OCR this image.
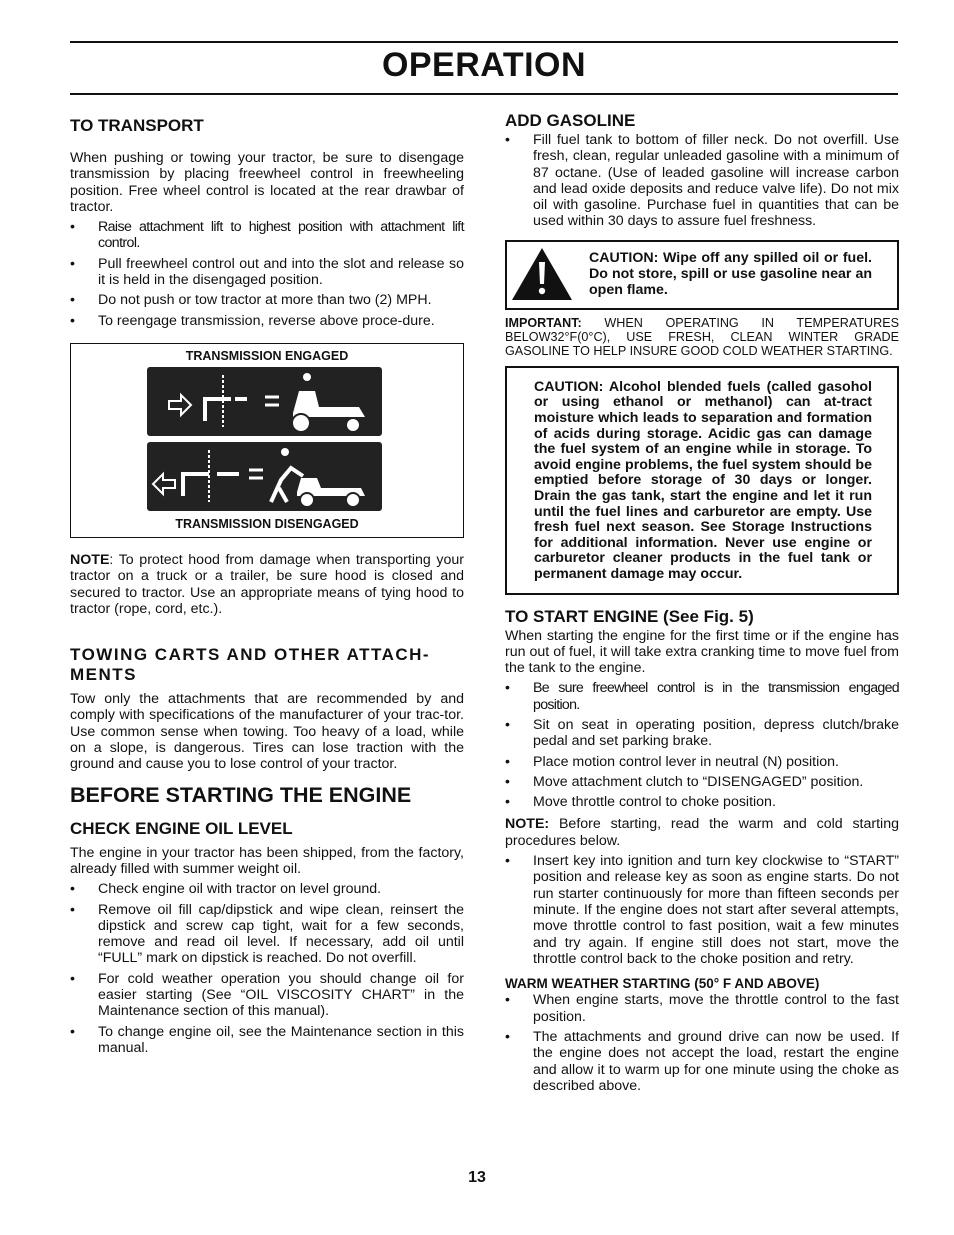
OPERATION
TO TRANSPORT

When pushing or towing your tractor, be sure to disengage transmission by placing freewheel control in freewheeling position. Free wheel control is located at the rear drawbar of tractor.

• Raise attachment lift to highest position with attachment lift control.
• Pull freewheel control out and into the slot and release so it is held in the disengaged position.
• Do not push or tow tractor at more than two (2) MPH.
• To reengage transmission, reverse above proce-dure.
TRANSMISSION ENGAGED
TRANSMISSION DISENGAGED

NOTE: To protect hood from damage when transporting your tractor on a truck or a trailer, be sure hood is closed and secured to tractor. Use an appropriate means of tying hood to tractor (rope, cord, etc.).

TOWING CARTS AND OTHER ATTACH-MENTS

Tow only the attachments that are recommended by and comply with specifications of the manufacturer of your trac-tor. Use common sense when towing. Too heavy of a load, while on a slope, is dangerous. Tires can lose traction with the ground and cause you to lose control of your tractor.

BEFORE STARTING THE ENGINE
CHECK ENGINE OIL LEVEL

The engine in your tractor has been shipped, from the factory, already filled with summer weight oil.

• Check engine oil with tractor on level ground.
• Remove oil fill cap/dipstick and wipe clean, reinsert the dipstick and screw cap tight, wait for a few seconds, remove and read oil level. If necessary, add oil until “FULL” mark on dipstick is reached. Do not overfill.
• For cold weather operation you should change oil for easier starting (See “OIL VISCOSITY CHART” in the Maintenance section of this manual).
• To change engine oil, see the Maintenance section in this manual.
ADD GASOLINE
• Fill fuel tank to bottom of filler neck. Do not overfill. Use fresh, clean, regular unleaded gasoline with a minimum of 87 octane. (Use of leaded gasoline will increase carbon and lead oxide deposits and reduce valve life). Do not mix oil with gasoline. Purchase fuel in quantities that can be used within 30 days to assure fuel freshness.

CAUTION: Wipe off any spilled oil or fuel. Do not store, spill or use gasoline near an open flame.

IMPORTANT: WHEN OPERATING IN TEMPERATURES BELOW32°F(0°C), USE FRESH, CLEAN WINTER GRADE GASOLINE TO HELP INSURE GOOD COLD WEATHER STARTING.

CAUTION: Alcohol blended fuels (called gasohol or using ethanol or methanol) can at-tract moisture which leads to separation and formation of acids during storage. Acidic gas can damage the fuel system of an engine while in storage. To avoid engine problems, the fuel system should be emptied before storage of 30 days or longer. Drain the gas tank, start the engine and let it run until the fuel lines and carburetor are empty. Use fresh fuel next season. See Storage Instructions for additional information. Never use engine or carburetor cleaner products in the fuel tank or permanent damage may occur.

TO START ENGINE (See Fig. 5)

When starting the engine for the first time or if the engine has run out of fuel, it will take extra cranking time to move fuel from the tank to the engine.

• Be sure freewheel control is in the transmission engaged position.
• Sit on seat in operating position, depress clutch/brake pedal and set parking brake.
• Place motion control lever in neutral (N) position.
• Move attachment clutch to “DISENGAGED” position.
• Move throttle control to choke position.

NOTE: Before starting, read the warm and cold starting procedures below.

• Insert key into ignition and turn key clockwise to “START” position and release key as soon as engine starts. Do not run starter continuously for more than fifteen seconds per minute. If the engine does not start after several attempts, move throttle control to fast position, wait a few minutes and try again. If engine still does not start, move the throttle control back to the choke position and retry.

WARM WEATHER STARTING (50° F AND ABOVE)

• When engine starts, move the throttle control to the fast position.
• The attachments and ground drive can now be used. If the engine does not accept the load, restart the engine and allow it to warm up for one minute using the choke as described above.
13
